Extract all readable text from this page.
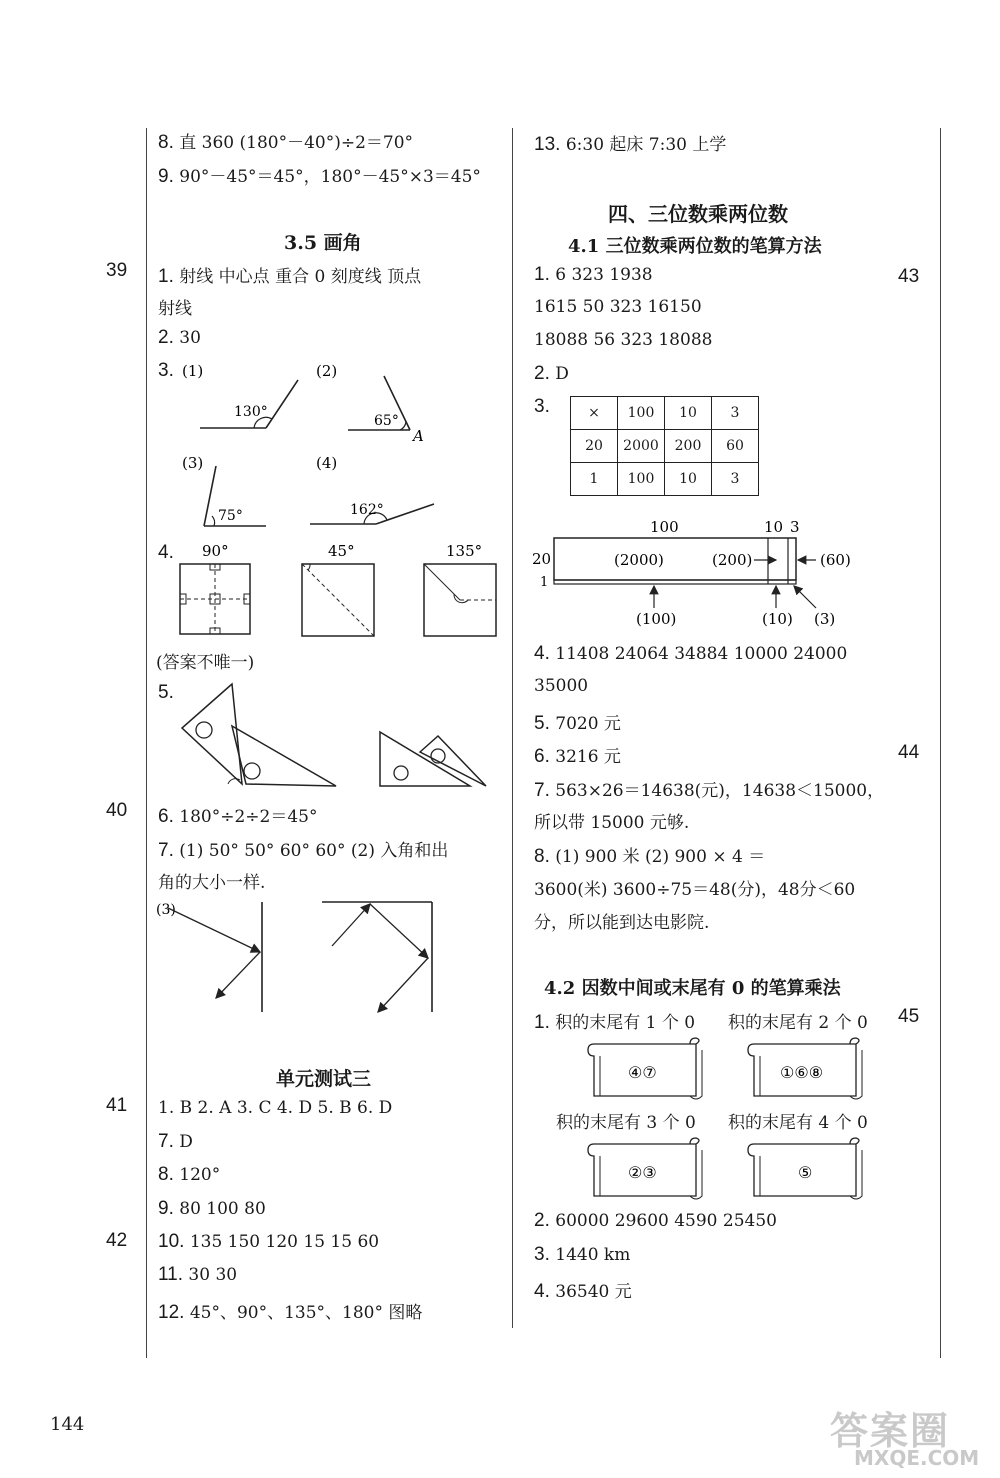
39
40
41
42
43
44
45
8. 直 360 (180°－40°)÷2＝70°
9. 90°－45°＝45°，180°－45°×3＝45°
3.5 画角
1. 射线 中心点 重合 0 刻度线 顶点
射线
2. 30
3. (1)	(2)
130°
65°
A
(3)	(4)
75°	162°
4. 90°	45°	135°
(答案不唯一)
5.
6. 180°÷2÷2＝45°
7. (1) 50° 50° 60° 60° (2) 入角和出
角的大小一样.
(3)
单元测试三
1. B 2. A 3. C 4. D 5. B 6. D
7. D
8. 120°
9. 80 100 80
10. 135 150 120 15 15 60
11. 30 30
12. 45°、90°、135°、180° 图略
13. 6:30 起床 7:30 上学
四、三位数乘两位数
4.1 三位数乘两位数的笔算方法
1. 6 323 1938
1615 50 323 16150
18088 56 323 18088
2. D
3.	×	100	10	3
20	2000	200	60
1	100	10	3
100	10 3
20
1
(2000)	(200)	(60)
(100)	(10) (3)
4. 11408 24064 34884 10000 24000
35000
5. 7020 元
6. 3216 元
7. 563×26＝14638(元)，14638＜15000，
所以带 15000 元够.
8. (1) 900 米 (2) 900 × 4 ＝
3600(米) 3600÷75＝48(分)，48分＜60
分，所以能到达电影院.
4.2 因数中间或末尾有 0 的笔算乘法
1. 积的末尾有 1 个 0 积的末尾有 2 个 0
积的末尾有 3 个 0 积的末尾有 4 个 0
④⑦	①⑥⑧
②③	⑤
2. 60000 29600 4590 25450
3. 1440 km
4. 36540 元
144	答案圈
MXQE.COM
